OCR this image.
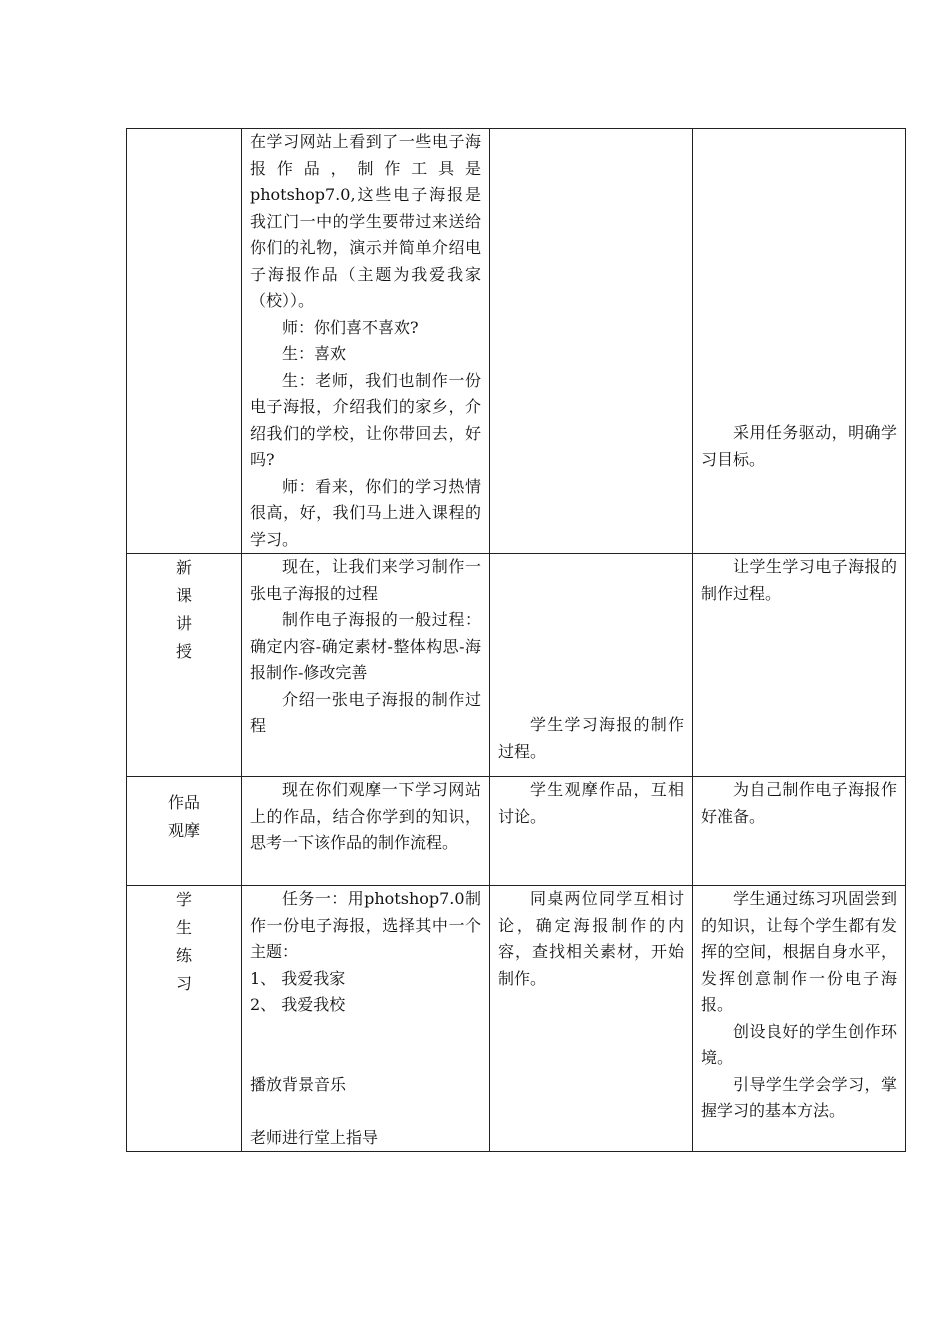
	在学习网站上看到了一些电子海报作品，制作工具是photshop7.0,这些电子海报是我江门一中的学生要带过来送给你们的礼物，演示并简单介绍电子海报作品（主题为我爱我家（校））。
师：你们喜不喜欢?
生：喜欢
生：老师，我们也制作一份电子海报，介绍我们的家乡，介绍我们的学校，让你带回去，好吗?
师：看来，你们的学习热情很高，好，我们马上进入课程的学习。		采用任务驱动，明确学习目标。

新
课
讲
授	现在，让我们来学习制作一张电子海报的过程
制作电子海报的一般过程：确定内容-确定素材-整体构思-海报制作-修改完善
介绍一张电子海报的制作过程	学生学习海报的制作过程。	让学生学习电子海报的制作过程。

作品
观摩	现在你们观摩一下学习网站上的作品，结合你学到的知识，思考一下该作品的制作流程。	学生观摩作品，互相讨论。	为自己制作电子海报作好准备。

学
生
练
习	任务一：用photshop7.0制作一份电子海报，选择其中一个主题：
1、 我爱我家
2、 我爱我校
播放背景音乐
老师进行堂上指导	同桌两位同学互相讨论，确定海报制作的内容，查找相关素材，开始制作。	学生通过练习巩固尝到的知识，让每个学生都有发挥的空间，根据自身水平，发挥创意制作一份电子海报。
创设良好的学生创作环境。
引导学生学会学习，掌握学习的基本方法。
